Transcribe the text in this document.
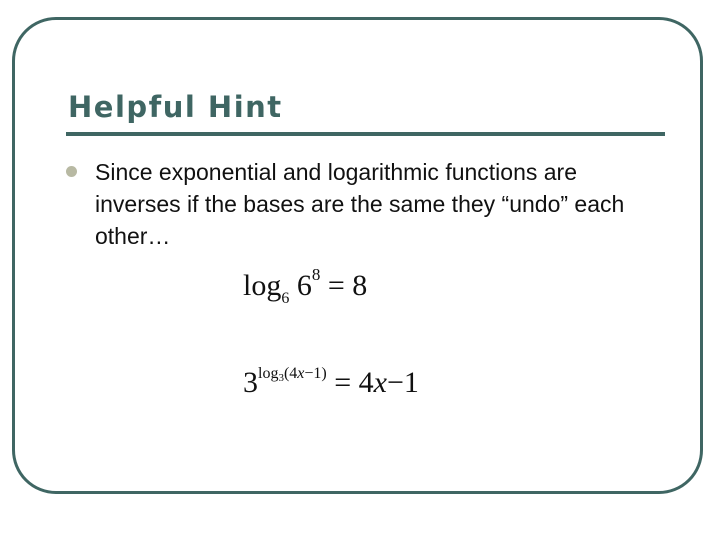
Helpful Hint

Since exponential and logarithmic functions are inverses if the bases are the same they “undo” each other…

$\log_6 6^8 = 8$
$3^{log3(4x-1)} = 4x-1$
